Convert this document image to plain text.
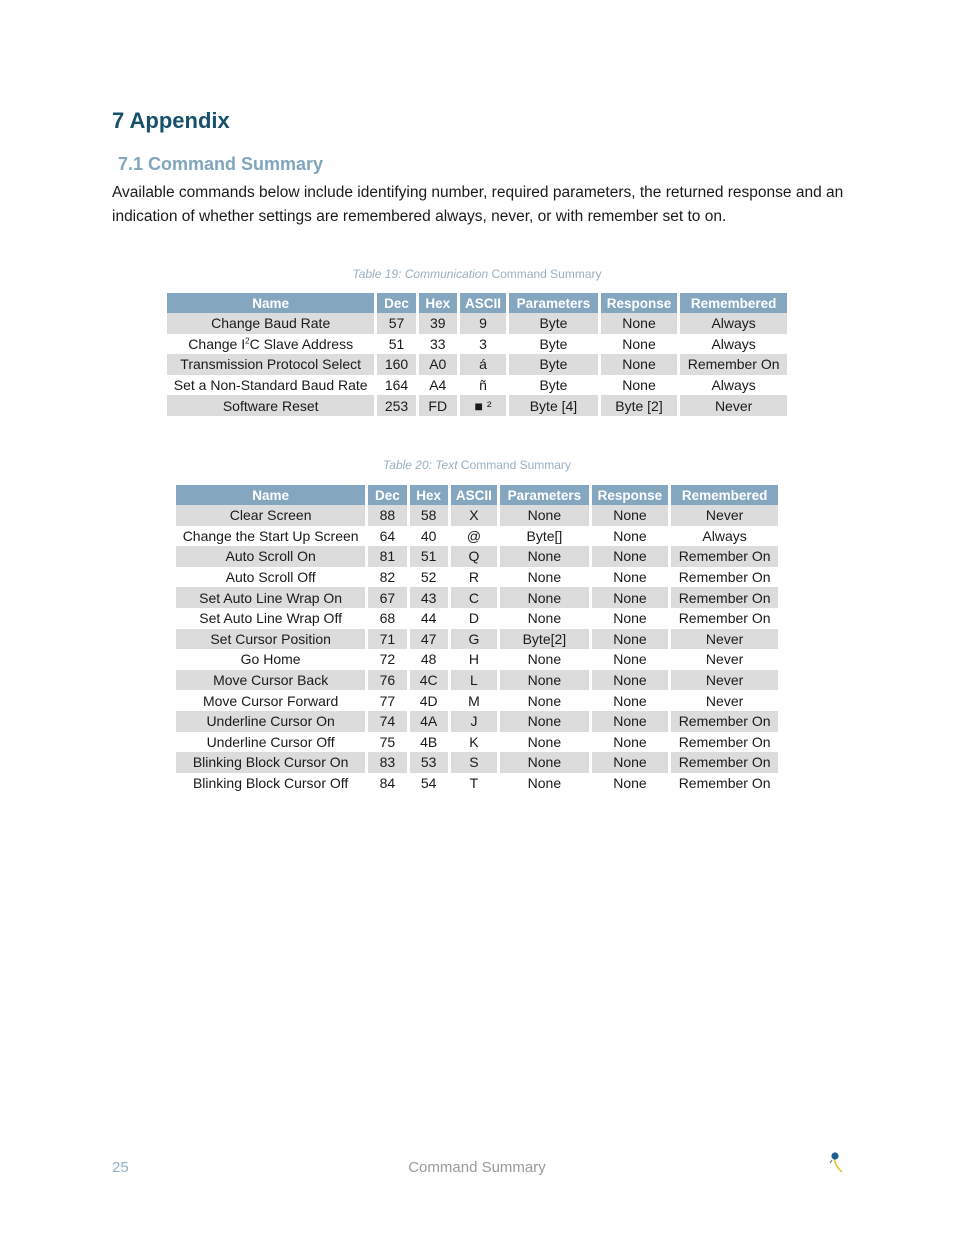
7 Appendix
7.1 Command Summary

Available commands below include identifying number, required parameters, the returned response and an indication of whether settings are remembered always, never, or with remember set to on.

Table 19: Communication Command Summary
Name	Dec	Hex	ASCII	Parameters	Response	Remembered
Change Baud Rate	57	39	9	Byte	None	Always
Change $I^2C$ Slave Address	51	33	3	Byte	None	Always
Transmission Protocol Select	160	A0	á	Byte	None	Remember On
Set a Non-Standard Baud Rate	164	A4	ñ	Byte	None	Always
Software Reset	253	FD	■ ²	Byte [4]	Byte [2]	Never
Table 20: Text Command Summary
Name	Dec	Hex	ASCII	Parameters	Response	Remembered
Clear Screen	88	58	X	None	None	Never
Change the Start Up Screen	64	40	@	Byte[]	None	Always
Auto Scroll On	81	51	Q	None	None	Remember On
Auto Scroll Off	82	52	R	None	None	Remember On
Set Auto Line Wrap On	67	43	C	None	None	Remember On
Set Auto Line Wrap Off	68	44	D	None	None	Remember On
Set Cursor Position	71	47	G	Byte[2]	None	Never
Go Home	72	48	H	None	None	Never
Move Cursor Back	76	4C	L	None	None	Never
Move Cursor Forward	77	4D	M	None	None	Never
Underline Cursor On	74	4A	J	None	None	Remember On
Underline Cursor Off	75	4B	K	None	None	Remember On
Blinking Block Cursor On	83	53	S	None	None	Remember On
Blinking Block Cursor Off	84	54	T	None	None	Remember On
25	Command Summary
